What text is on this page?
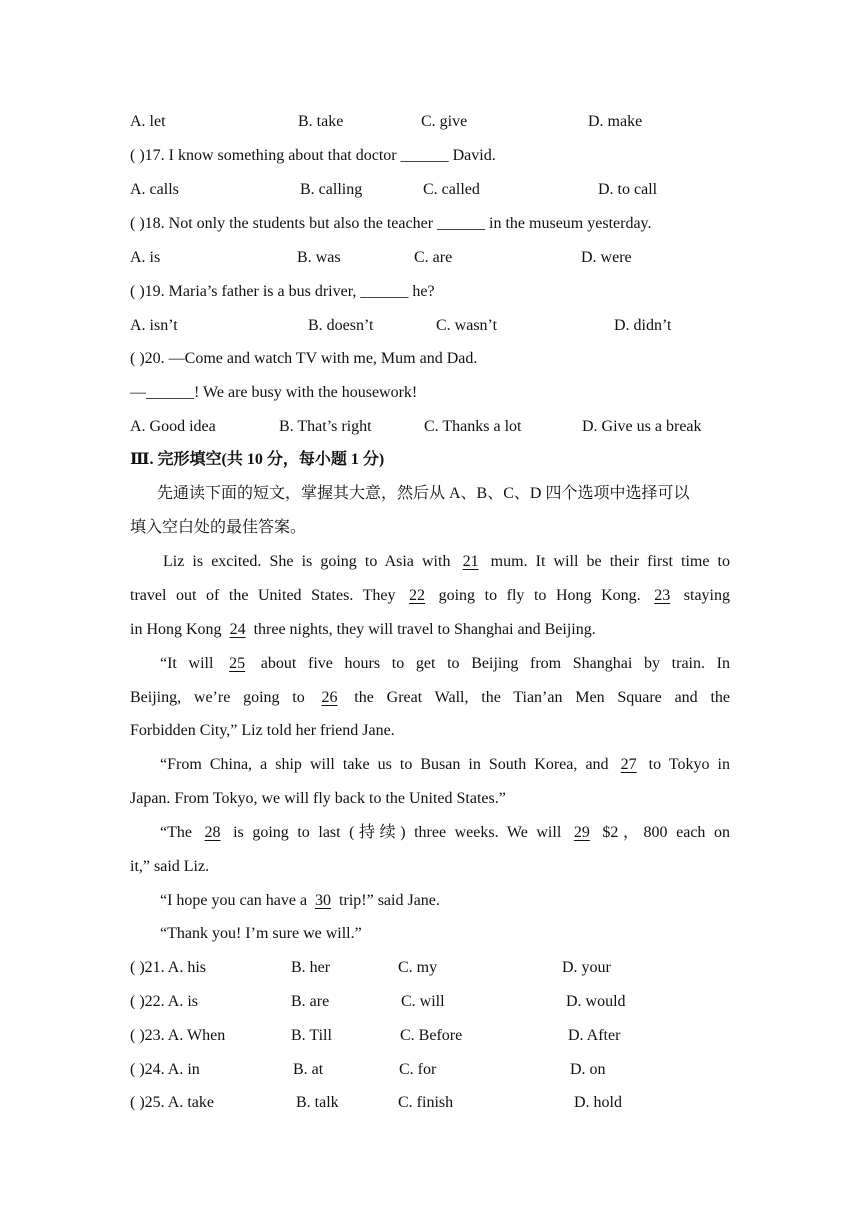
A. let	B. take	C. give	D. make
( )17. I know something about that doctor ______ David.
A. calls	B. calling	C. called	D. to call
( )18. Not only the students but also the teacher ______ in the museum yesterday.
A. is	B. was	C. are	D. were
( )19. Maria’s father is a bus driver, ______ he?
A. isn’t	B. doesn’t	C. wasn’t	D. didn’t
( )20. —Come and watch TV with me, Mum and Dad.
—______! We are busy with the housework!
A. Good idea	B. That’s right	C. Thanks a lot	D. Give us a break
Ⅲ. 完形填空(共 10 分，每小题 1 分)
先通读下面的短文，掌握其大意，然后从 A、B、C、D 四个选项中选择可以
填入空白处的最佳答案。
Liz is excited. She is going to Asia with 21 mum. It will be their first time to
travel out of the United States. They 22 going to fly to Hong Kong. 23 staying
in Hong Kong 24 three nights, they will travel to Shanghai and Beijing.
“It will 25 about five hours to get to Beijing from Shanghai by train. In
Beijing, we’re going to 26 the Great Wall, the Tian’an Men Square and the
Forbidden City,” Liz told her friend Jane.
“From China, a ship will take us to Busan in South Korea, and 27 to Tokyo in
Japan. From Tokyo, we will fly back to the United States.”
“The 28 is going to last (持续) three weeks. We will 29 $2，800 each on
it,” said Liz.
“I hope you can have a 30 trip!” said Jane.
“Thank you! I’m sure we will.”
( )21. A. his	B. her	C. my	D. your
( )22. A. is	B. are	C. will	D. would
( )23. A. When	B. Till	C. Before	D. After
( )24. A. in	B. at	C. for	D. on
( )25. A. take	B. talk	C. finish	D. hold
